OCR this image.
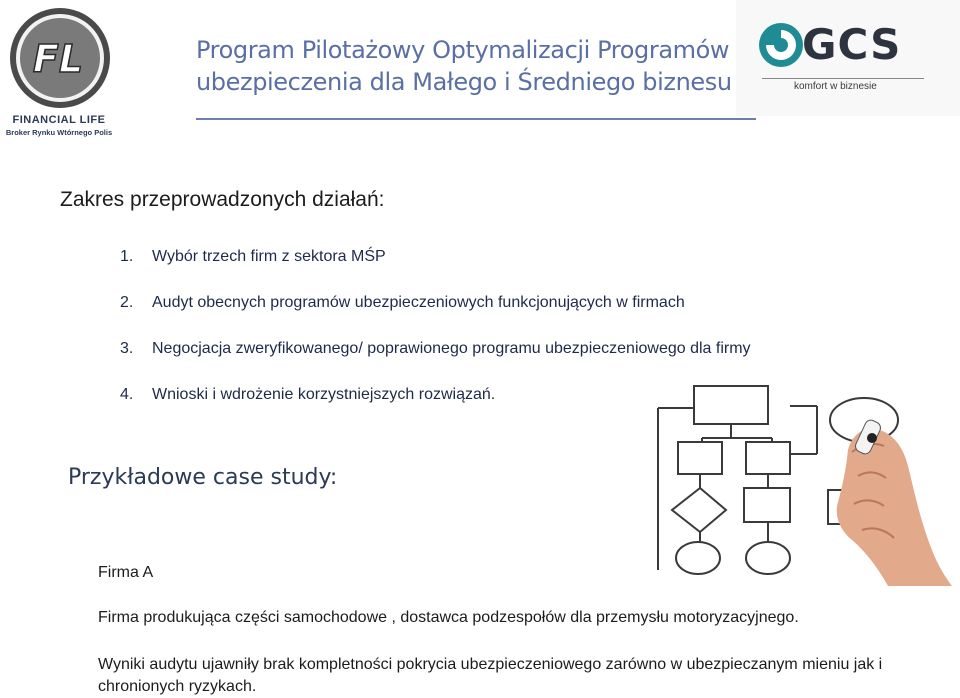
FL
FINANCIAL LIFE
Broker Rynku Wtórnego Polis
Program Pilotażowy Optymalizacji Programów
ubezpieczenia dla Małego i Średniego biznesu
GCS
komfort w biznesie
Zakres przeprowadzonych działań:
1. Wybór trzech firm z sektora MŚP
2. Audyt obecnych programów ubezpieczeniowych funkcjonujących w firmach
3. Negocjacja zweryfikowanego/ poprawionego programu ubezpieczeniowego dla firmy
4. Wnioski i wdrożenie korzystniejszych rozwiązań.
Przykładowe case study:
Firma A
Firma produkująca części samochodowe , dostawca podzespołów dla przemysłu motoryzacyjnego.
Wyniki audytu ujawniły brak kompletności pokrycia ubezpieczeniowego zarówno w ubezpieczanym mieniu jak i chronionych ryzykach.
